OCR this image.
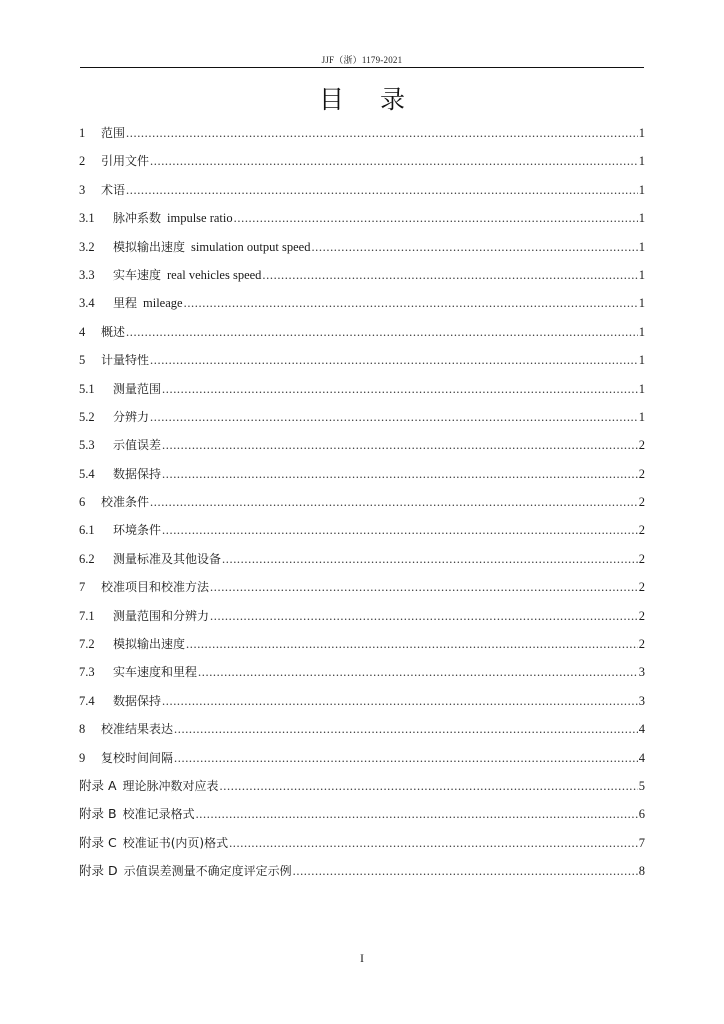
JJF（浙）1179-2021
目 录
1	范围 .....	1
2	引用文件 .....	1
3	术语 .....	1
3.1	脉冲系数 impulse ratio .....	1
3.2	模拟输出速度 simulation output speed .....	1
3.3	实车速度 real vehicles speed .....	1
3.4	里程 mileage .....	1
4	概述 .....	1
5	计量特性 .....	1
5.1	测量范围 .....	1
5.2	分辨力 .....	1
5.3	示值误差 .....	2
5.4	数据保持 .....	2
6	校准条件 .....	2
6.1	环境条件 .....	2
6.2	测量标准及其他设备 .....	2
7	校准项目和校准方法 .....	2
7.1	测量范围和分辨力 .....	2
7.2	模拟输出速度 .....	2
7.3	实车速度和里程 .....	3
7.4	数据保持 .....	3
8	校准结果表达 .....	4
9	复校时间间隔 .....	4
附录 A 理论脉冲数对应表 .....	5
附录 B 校准记录格式 .....	6
附录 C 校准证书(内页)格式 .....	7
附录 D 示值误差测量不确定度评定示例 .....	8
I
